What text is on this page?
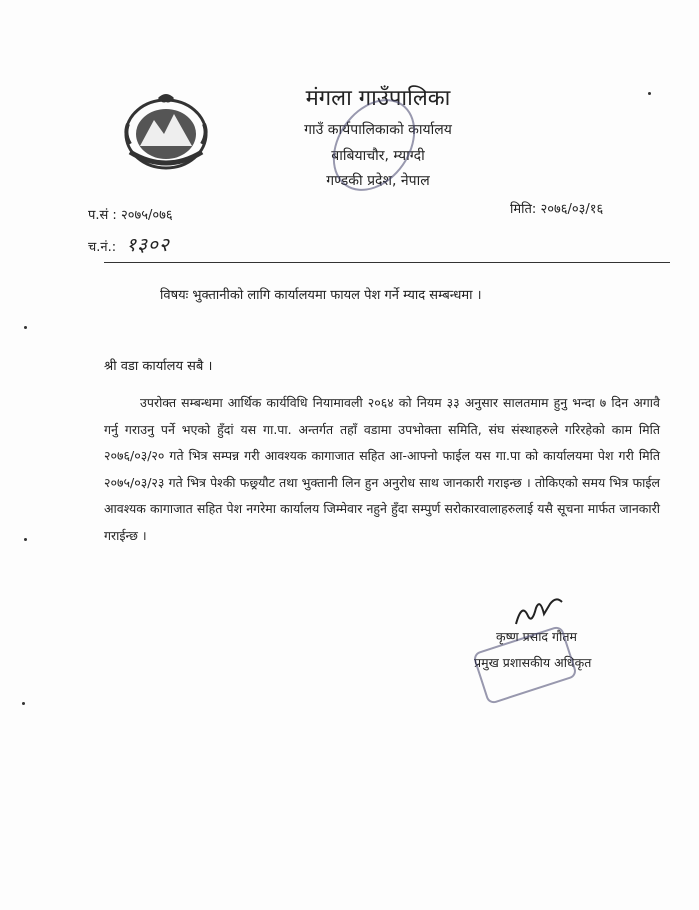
मंगला गाउँपालिका
गाउँ कार्यपालिकाको कार्यालय
बाबियाचौर, म्याग्दी
गण्डकी प्रदेश, नेपाल
प.सं : २०७५/०७६
च.नं.: १३०२
मिति: २०७६/०३/१६
विषयः भुक्तानीको लागि कार्यालयमा फायल पेश गर्ने म्याद सम्बन्धमा ।
श्री वडा कार्यालय सबै ।
उपरोक्त सम्बन्धमा आर्थिक कार्यविधि नियामावली २०६४ को नियम ३३ अनुसार सालतमाम हुनु भन्दा ७ दिन अगावै गर्नु गराउनु पर्ने भएको हुँदां यस गा.पा. अन्तर्गत तहाँ वडामा उपभोक्ता समिति, संघ संस्थाहरुले गरिरहेको काम मिति २०७६/०३/२० गते भित्र सम्पन्न गरी आवश्यक कागाजात सहित आ-आफ्नो फाईल यस गा.पा को कार्यालयमा पेश गरी मिति २०७५/०३/२३ गते भित्र पेश्की फछ्र्यौट तथा भुक्तानी लिन हुन अनुरोध साथ जानकारी गराइन्छ । तोकिएको समय भित्र फाईल आवश्यक कागाजात सहित पेश नगरेमा कार्यालय जिम्मेवार नहुने हुँदा सम्पुर्ण सरोकारवालाहरुलाई यसै सूचना मार्फत जानकारी गराईन्छ ।
कृष्ण प्रसाद गौतम
प्रमुख प्रशासकीय अधिकृत
